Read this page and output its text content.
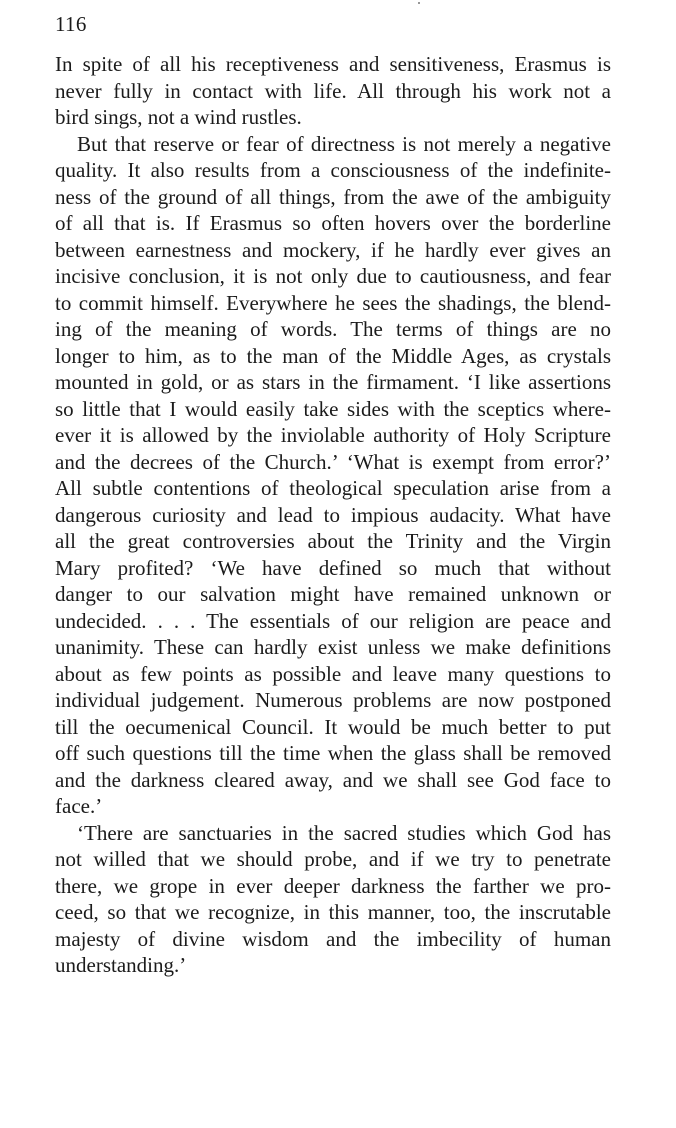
116
In spite of all his receptiveness and sensitiveness, Erasmus is
never fully in contact with life. All through his work not a
bird sings, not a wind rustles.
But that reserve or fear of directness is not merely a negative
quality. It also results from a consciousness of the indefinite-
ness of the ground of all things, from the awe of the ambiguity
of all that is. If Erasmus so often hovers over the borderline
between earnestness and mockery, if he hardly ever gives an
incisive conclusion, it is not only due to cautiousness, and fear
to commit himself. Everywhere he sees the shadings, the blend-
ing of the meaning of words. The terms of things are no
longer to him, as to the man of the Middle Ages, as crystals
mounted in gold, or as stars in the firmament. ‘I like assertions
so little that I would easily take sides with the sceptics where-
ever it is allowed by the inviolable authority of Holy Scripture
and the decrees of the Church.’ ‘What is exempt from error?’
All subtle contentions of theological speculation arise from a
dangerous curiosity and lead to impious audacity. What have
all the great controversies about the Trinity and the Virgin
Mary profited? ‘We have defined so much that without
danger to our salvation might have remained unknown or
undecided. . . . The essentials of our religion are peace and
unanimity. These can hardly exist unless we make definitions
about as few points as possible and leave many questions to
individual judgement. Numerous problems are now postponed
till the oecumenical Council. It would be much better to put
off such questions till the time when the glass shall be removed
and the darkness cleared away, and we shall see God face to
face.’
‘There are sanctuaries in the sacred studies which God has
not willed that we should probe, and if we try to penetrate
there, we grope in ever deeper darkness the farther we pro-
ceed, so that we recognize, in this manner, too, the inscrutable
majesty of divine wisdom and the imbecility of human
understanding.’
